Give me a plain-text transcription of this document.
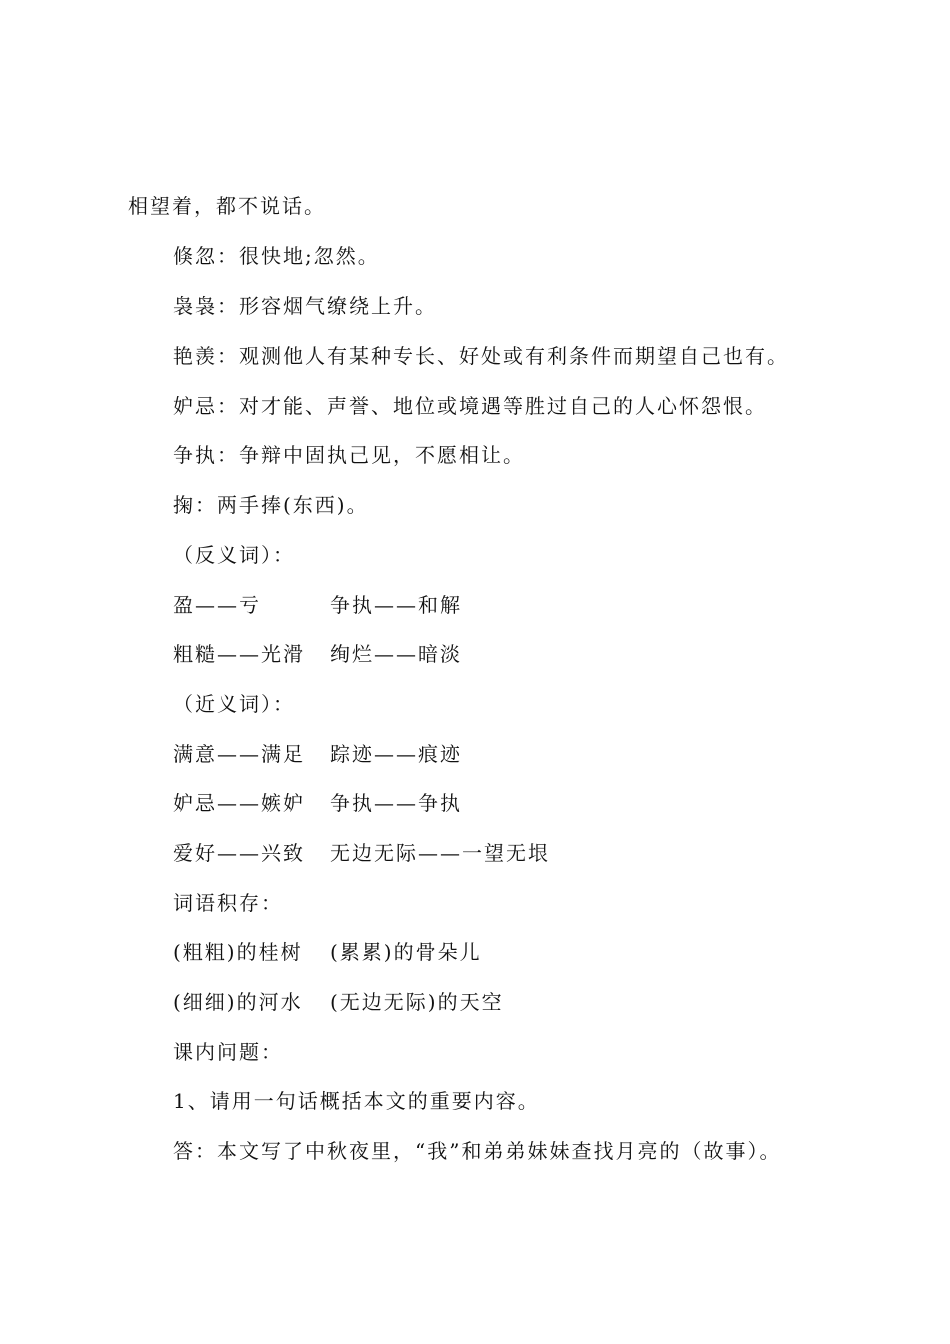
相望着，都不说话。
倏忽：很快地;忽然。
袅袅：形容烟气缭绕上升。
艳羡：观测他人有某种专长、好处或有利条件而期望自己也有。
妒忌：对才能、声誉、地位或境遇等胜过自己的人心怀怨恨。
争执：争辩中固执己见，不愿相让。
掬：两手捧(东西)。
（反义词）：
盈——亏	争执——和解
粗糙——光滑 绚烂——暗淡
（近义词）：
满意——满足 踪迹——痕迹
妒忌——嫉妒 争执——争执
爱好——兴致 无边无际——一望无垠
词语积存：
(粗粗)的桂树 (累累)的骨朵儿
(细细)的河水 (无边无际)的天空
课内问题：
1、请用一句话概括本文的重要内容。
答：本文写了中秋夜里，“我”和弟弟妹妹查找月亮的（故事）。
